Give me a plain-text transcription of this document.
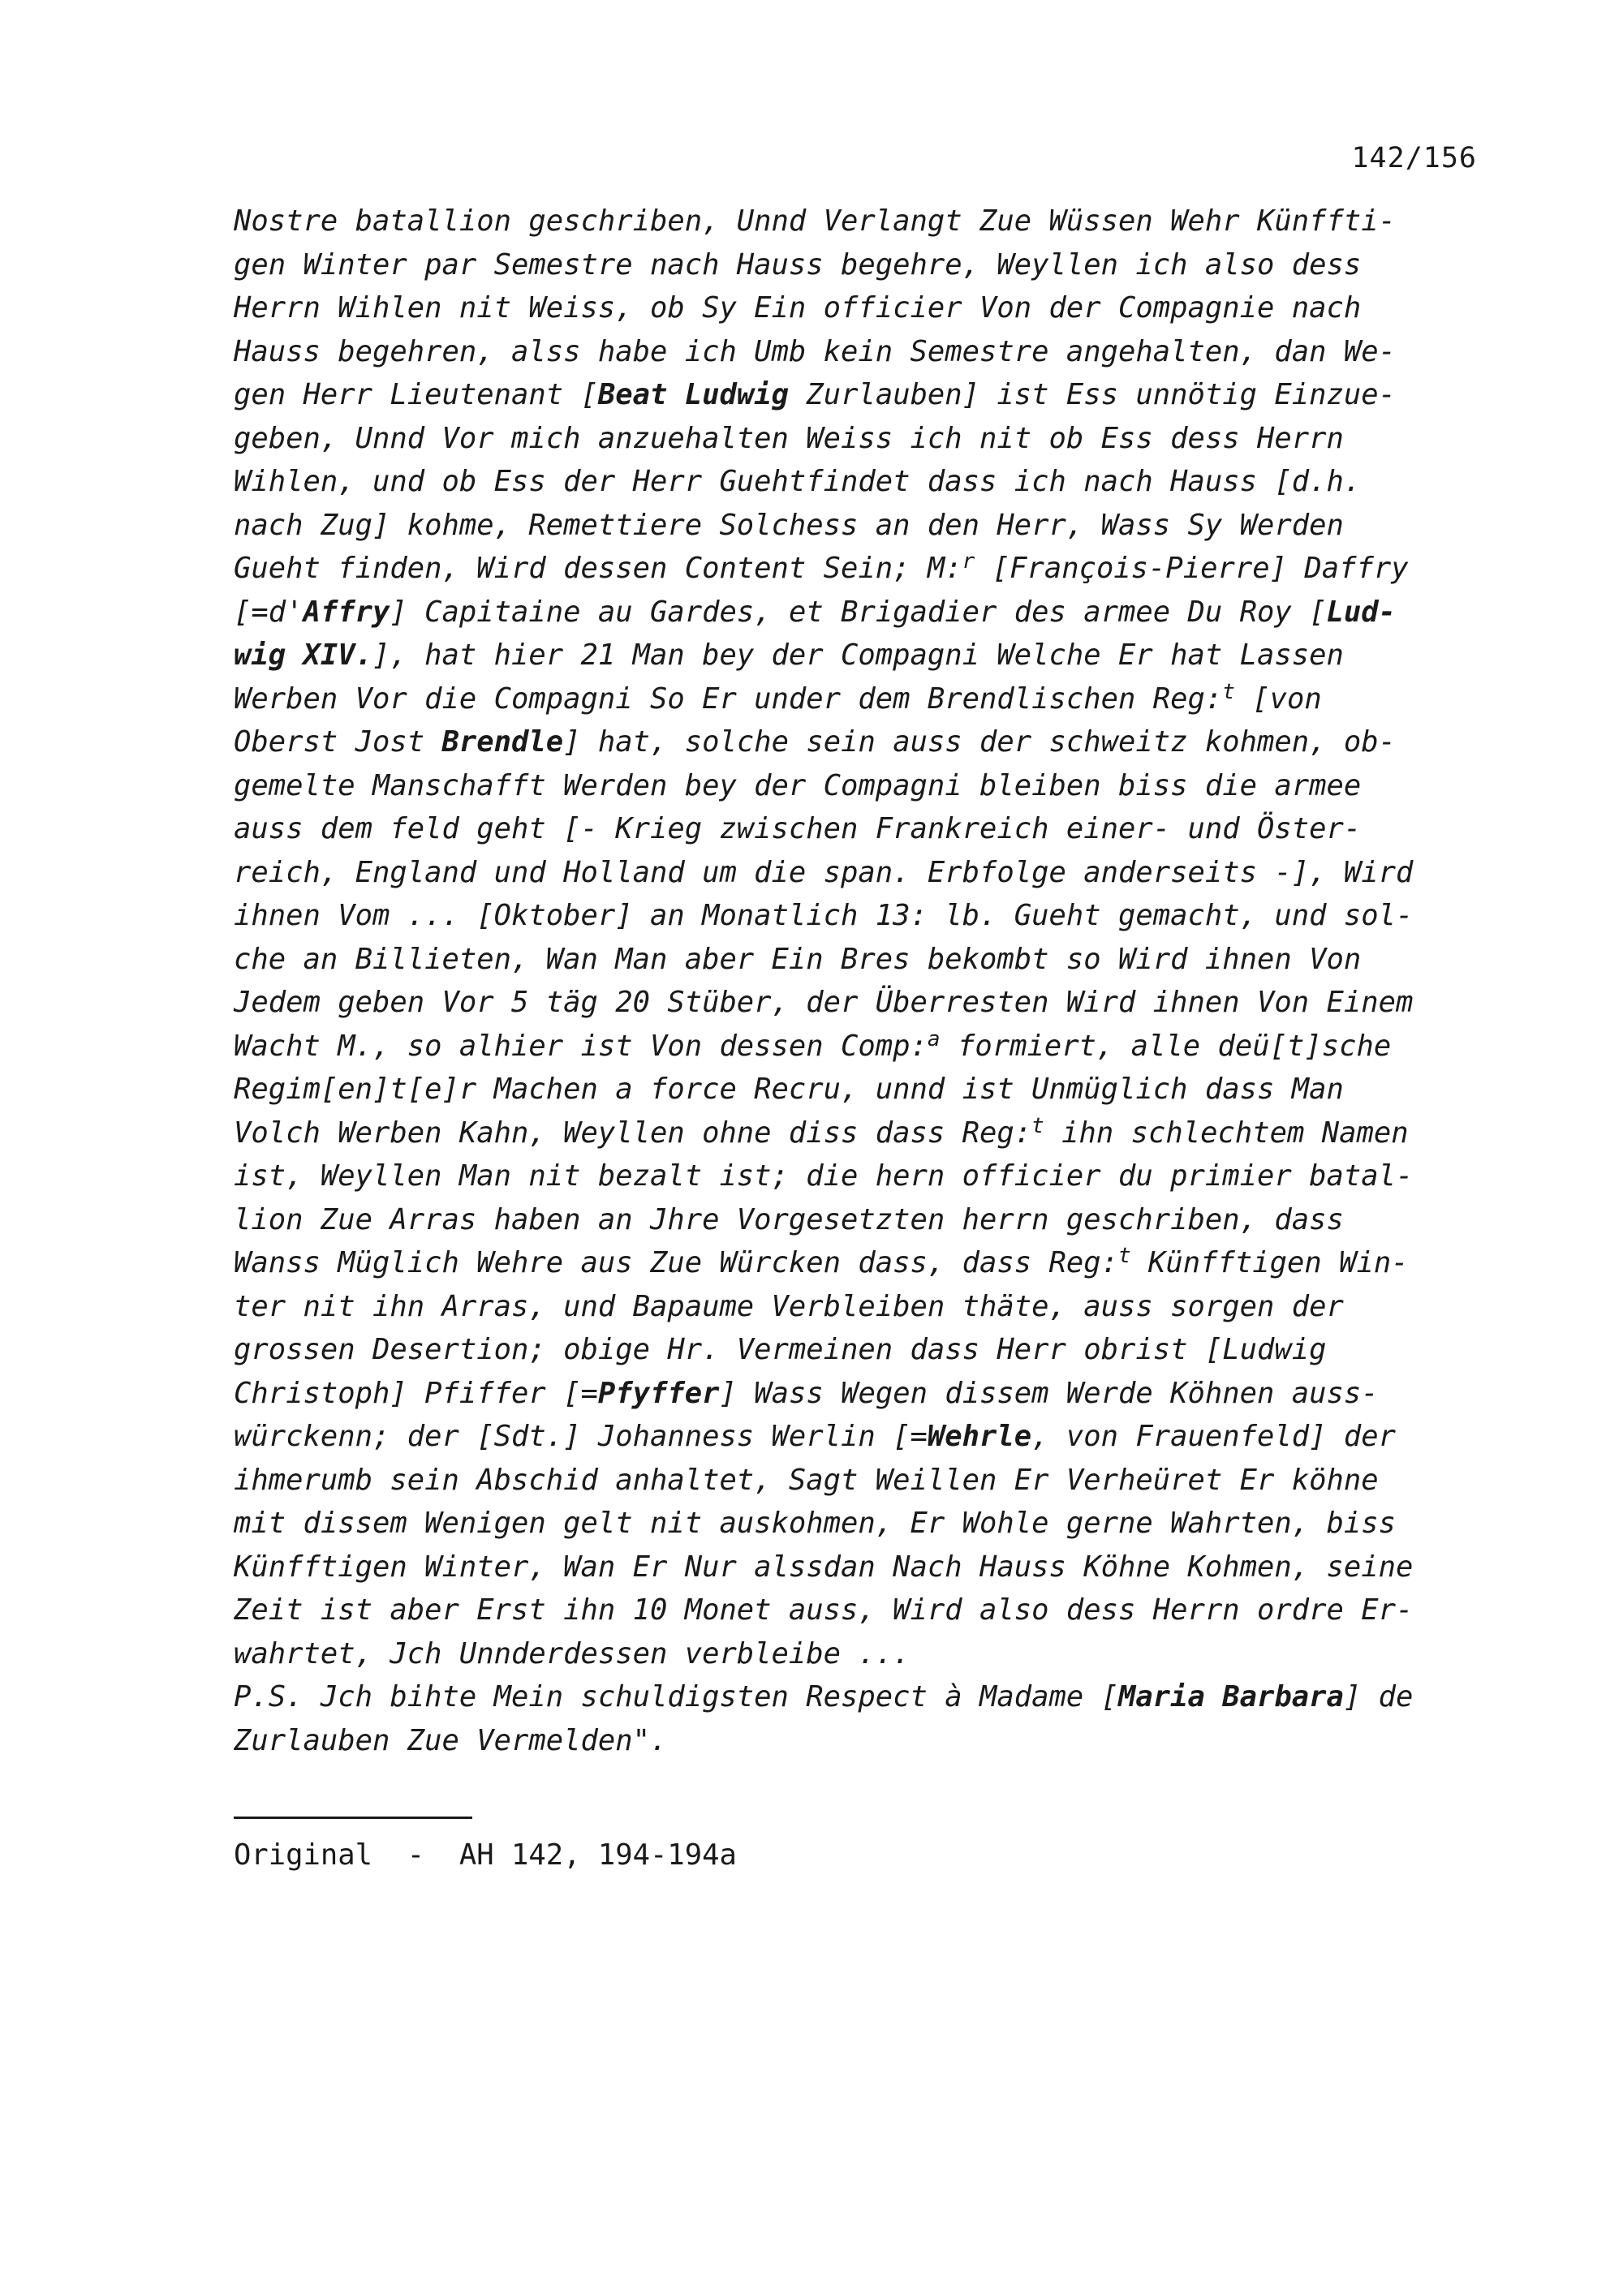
142/156
Nostre batallion geschriben, Unnd Verlangt Zue Wüssen Wehr Künffti-
gen Winter par Semestre nach Hauss begehre, Weyllen ich also dess
Herrn Wihlen nit Weiss, ob Sy Ein officier Von der Compagnie nach
Hauss begehren, alss habe ich Umb kein Semestre angehalten, dan We-
gen Herr Lieutenant [Beat Ludwig Zurlauben] ist Ess unnötig Einzue-
geben, Unnd Vor mich anzuehalten Weiss ich nit ob Ess dess Herrn
Wihlen, und ob Ess der Herr Guehtfindet dass ich nach Hauss [d.h.
nach Zug] kohme, Remettiere Solchess an den Herr, Wass Sy Werden
Gueht finden, Wird dessen Content Sein; M:$^r$ [François-Pierre] Daffry
[=d'Affry] Capitaine au Gardes, et Brigadier des armee Du Roy [Lud-
wig XIV.], hat hier 21 Man bey der Compagni Welche Er hat Lassen
Werben Vor die Compagni So Er under dem Brendlischen Reg:$^t$ [von
Oberst Jost Brendle] hat, solche sein auss der schweitz kohmen, ob-
gemelte Manschafft Werden bey der Compagni bleiben biss die armee
auss dem feld geht [- Krieg zwischen Frankreich einer- und Öster-
reich, England und Holland um die span. Erbfolge anderseits -], Wird
ihnen Vom ... [Oktober] an Monatlich 13: lb. Gueht gemacht, und sol-
che an Billieten, Wan Man aber Ein Bres bekombt so Wird ihnen Von
Jedem geben Vor 5 täg 20 Stüber, der Überresten Wird ihnen Von Einem
Wacht M., so alhier ist Von dessen Comp:$^a$ formiert, alle deü[t]sche
Regim[en]t[e]r Machen a force Recru, unnd ist Unmüglich dass Man
Volch Werben Kahn, Weyllen ohne diss dass Reg:$^t$ ihn schlechtem Namen
ist, Weyllen Man nit bezalt ist; die hern officier du primier batal-
lion Zue Arras haben an Jhre Vorgesetzten herrn geschriben, dass
Wanss Müglich Wehre aus Zue Würcken dass, dass Reg:$^t$ Künfftigen Win-
ter nit ihn Arras, und Bapaume Verbleiben thäte, auss sorgen der
grossen Desertion; obige Hr. Vermeinen dass Herr obrist [Ludwig
Christoph] Pfiffer [=Pfyffer] Wass Wegen dissem Werde Köhnen auss-
würckenn; der [Sdt.] Johanness Werlin [=Wehrle, von Frauenfeld] der
ihmerumb sein Abschid anhaltet, Sagt Weillen Er Verheüret Er köhne
mit dissem Wenigen gelt nit auskohmen, Er Wohle gerne Wahrten, biss
Künfftigen Winter, Wan Er Nur alssdan Nach Hauss Köhne Kohmen, seine
Zeit ist aber Erst ihn 10 Monet auss, Wird also dess Herrn ordre Er-
wahrtet, Jch Unnderdessen verbleibe ...
P.S. Jch bihte Mein schuldigsten Respect à Madame [Maria Barbara] de
Zurlauben Zue Vermelden".
Original  -  AH 142, 194-194a
